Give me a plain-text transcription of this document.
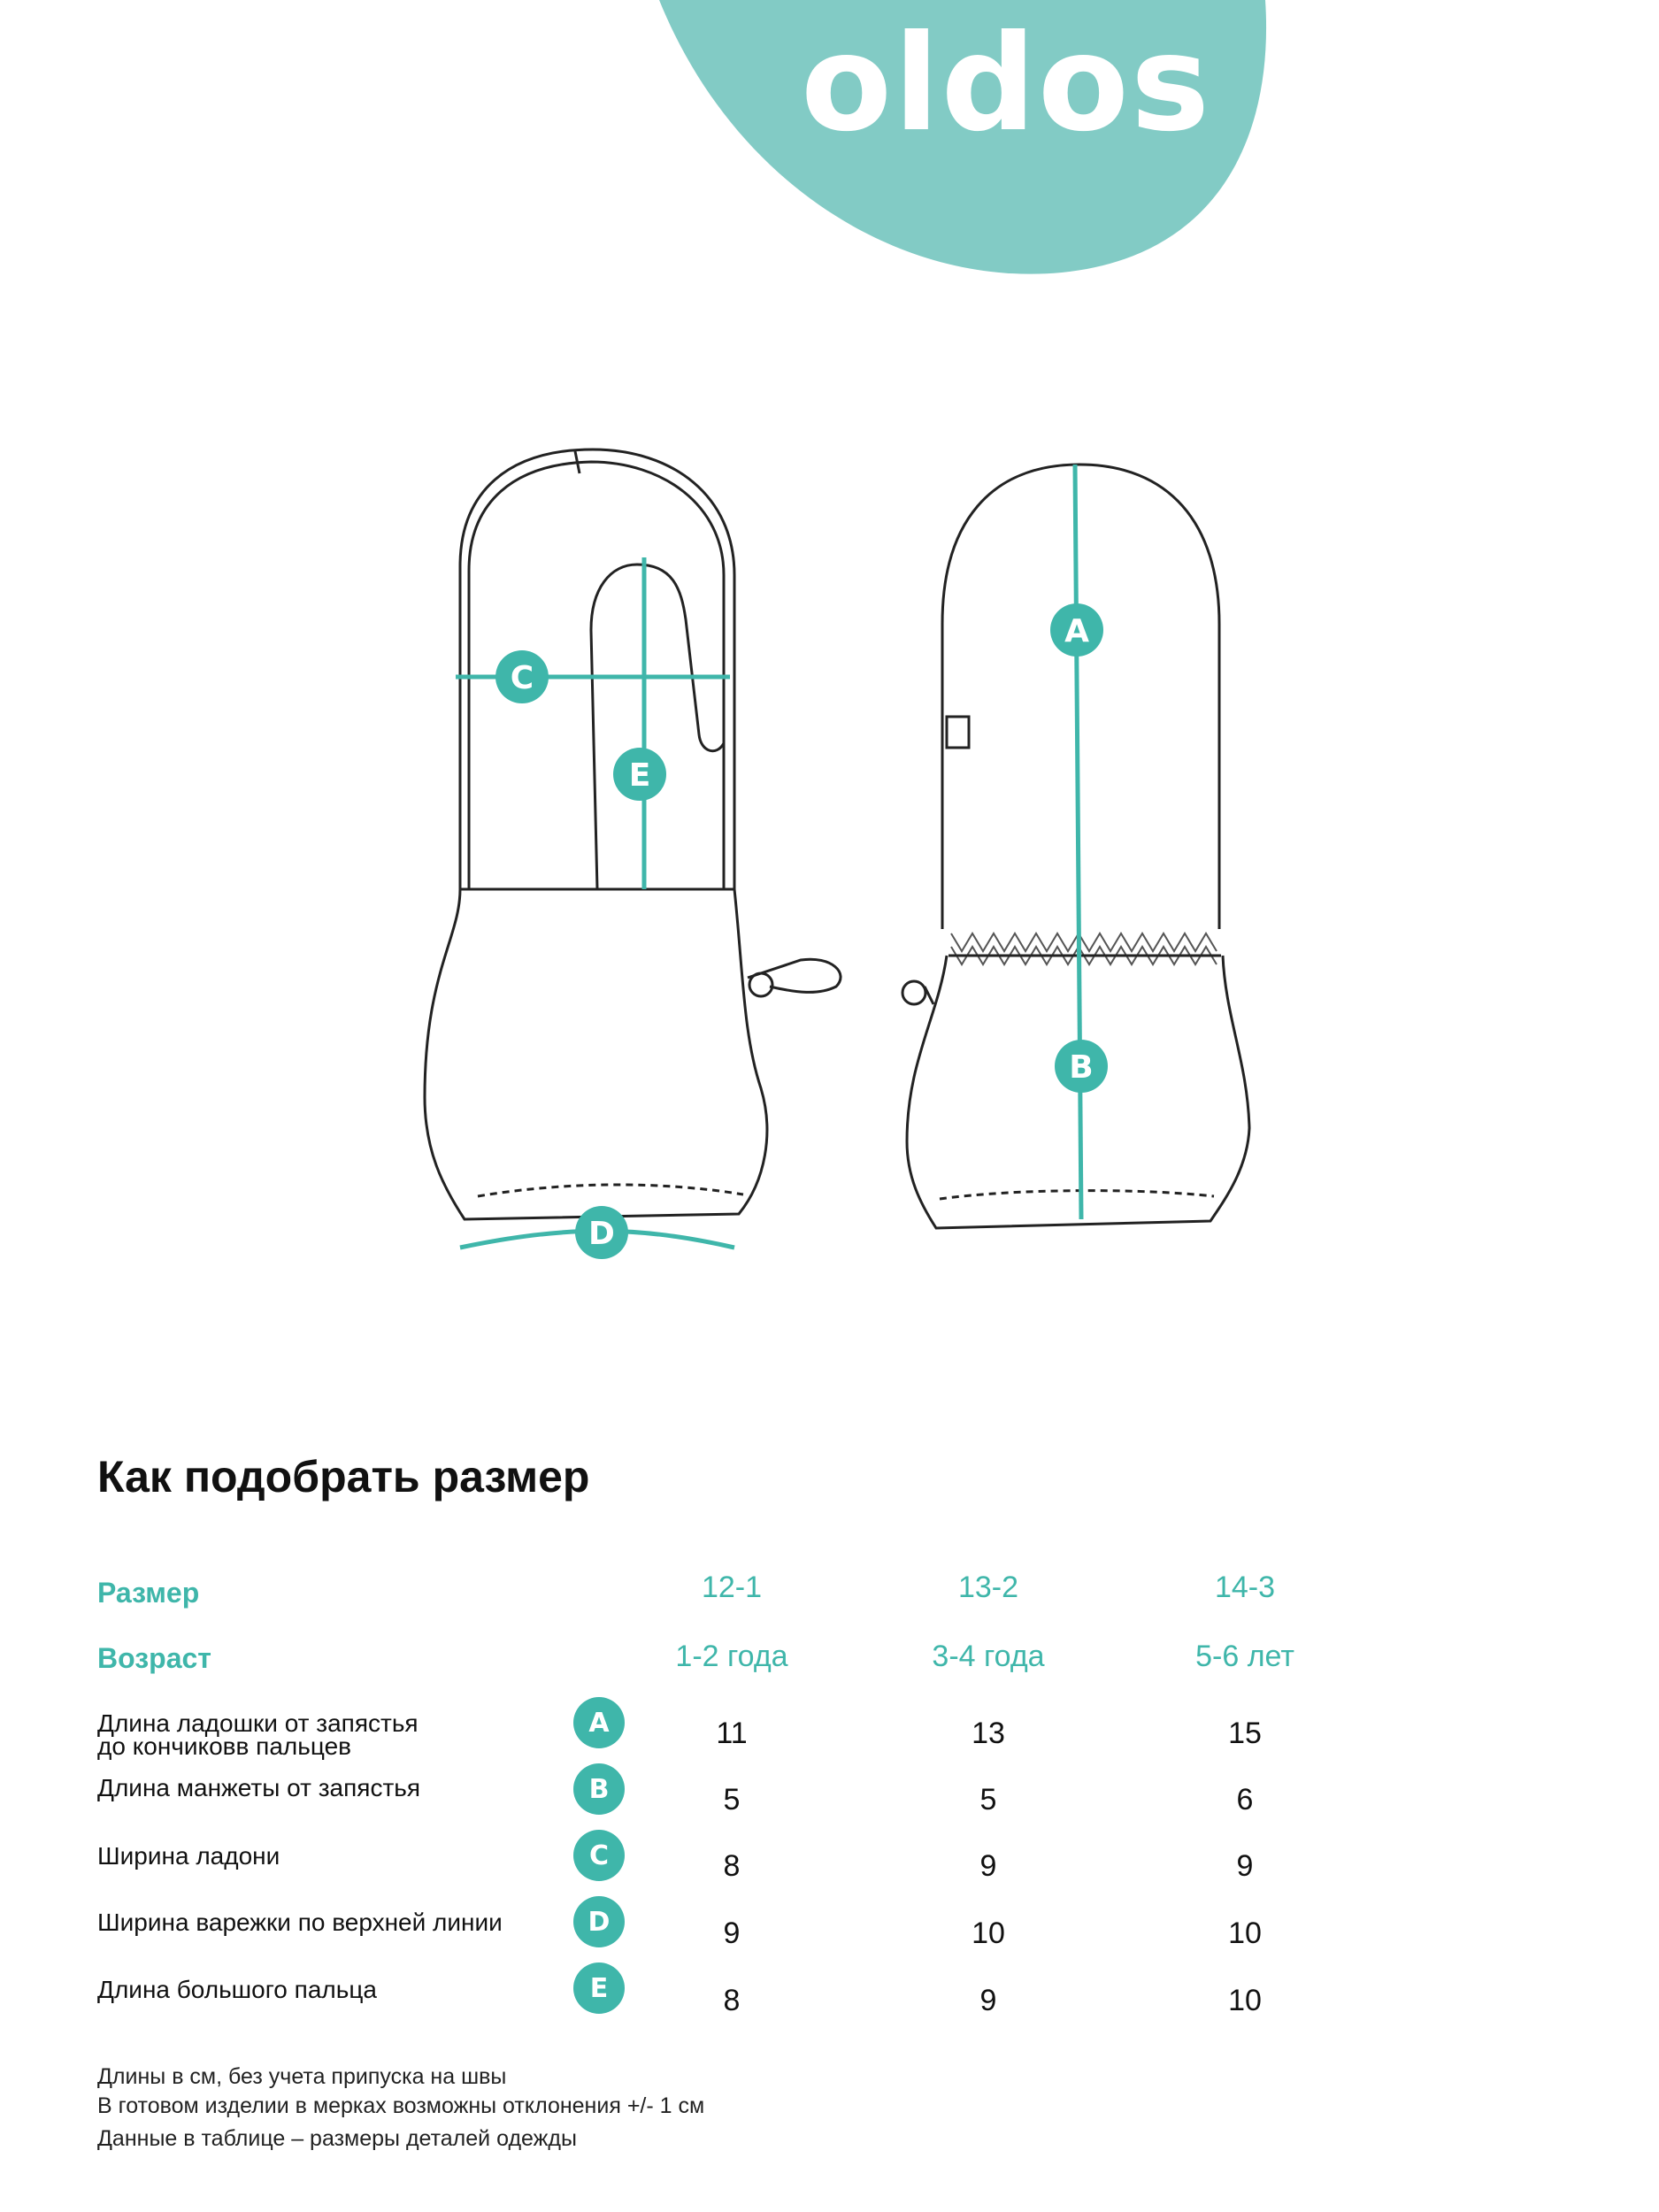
oldos
C
E
D
A
B
Как подобрать размер
Размер	12-1	13-2	14-3
Возраст	1-2 года	3-4 года	5-6 лет
Длина ладошки от запястья
до кончиковв пальцев
A	11	13	15
Длина манжеты от запястья	B	5	5	6
Ширина ладони	C	8	9	9
Ширина варежки по верхней линии	D	9	10	10
Длина большого пальца	E	8	9	10
Длины в см, без учета припуска на швы
В готовом изделии в мерках возможны отклонения +/- 1 см
Данные в таблице – размеры деталей одежды
